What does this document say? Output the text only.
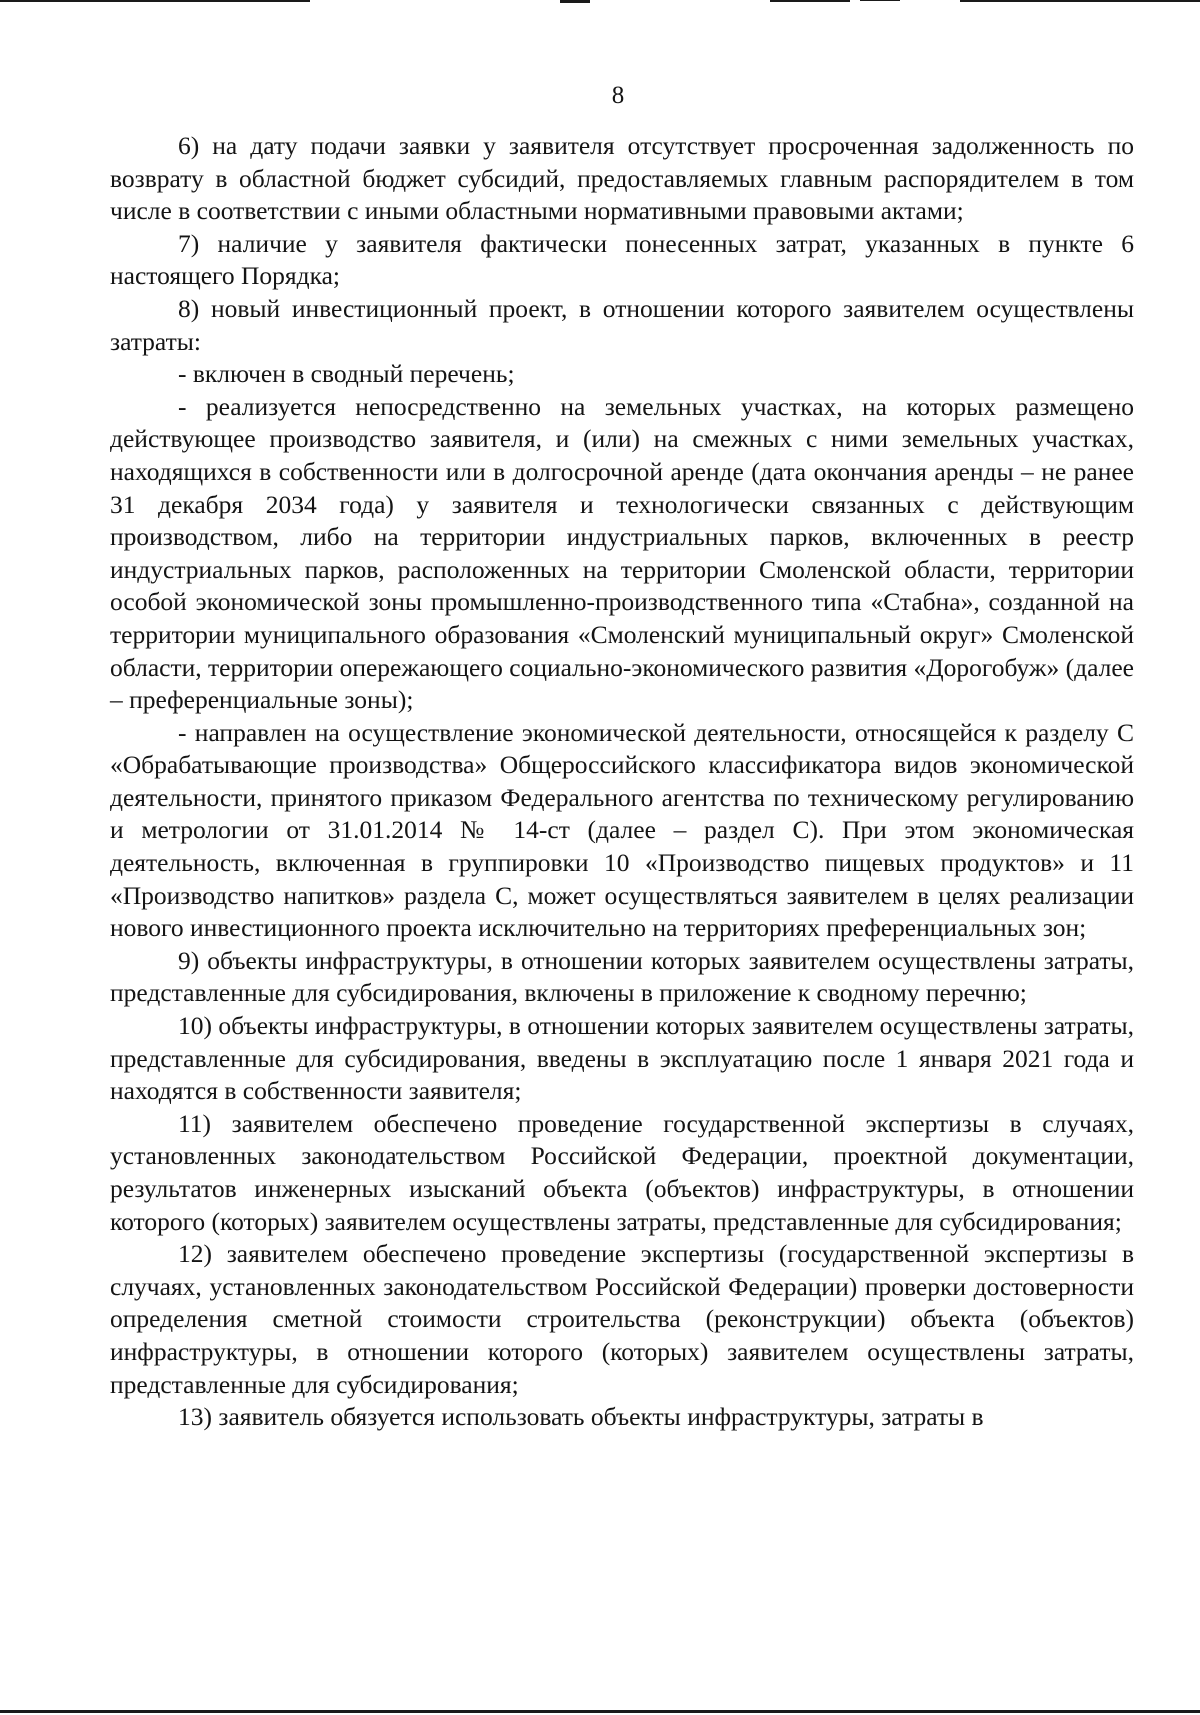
8

6) на дату подачи заявки у заявителя отсутствует просроченная задолженность по возврату в областной бюджет субсидий, предоставляемых главным распорядителем в том числе в соответствии с иными областными нормативными правовыми актами;

7) наличие у заявителя фактически понесенных затрат, указанных в пункте 6 настоящего Порядка;

8) новый инвестиционный проект, в отношении которого заявителем осуществлены затраты:

- включен в сводный перечень;

- реализуется непосредственно на земельных участках, на которых размещено действующее производство заявителя, и (или) на смежных с ними земельных участках, находящихся в собственности или в долгосрочной аренде (дата окончания аренды – не ранее 31 декабря 2034 года) у заявителя и технологически связанных с действующим производством, либо на территории индустриальных парков, включенных в реестр индустриальных парков, расположенных на территории Смоленской области, территории особой экономической зоны промышленно-производственного типа «Стабна», созданной на территории муниципального образования «Смоленский муниципальный округ» Смоленской области, территории опережающего социально-экономического развития «Дорогобуж» (далее – преференциальные зоны);

- направлен на осуществление экономической деятельности, относящейся к разделу С «Обрабатывающие производства» Общероссийского классификатора видов экономической деятельности, принятого приказом Федерального агентства по техническому регулированию и метрологии от 31.01.2014 № 14-ст (далее – раздел С). При этом экономическая деятельность, включенная в группировки 10 «Производство пищевых продуктов» и 11 «Производство напитков» раздела С, может осуществляться заявителем в целях реализации нового инвестиционного проекта исключительно на территориях преференциальных зон;

9) объекты инфраструктуры, в отношении которых заявителем осуществлены затраты, представленные для субсидирования, включены в приложение к сводному перечню;

10) объекты инфраструктуры, в отношении которых заявителем осуществлены затраты, представленные для субсидирования, введены в эксплуатацию после 1 января 2021 года и находятся в собственности заявителя;

11) заявителем обеспечено проведение государственной экспертизы в случаях, установленных законодательством Российской Федерации, проектной документации, результатов инженерных изысканий объекта (объектов) инфраструктуры, в отношении которого (которых) заявителем осуществлены затраты, представленные для субсидирования;

12) заявителем обеспечено проведение экспертизы (государственной экспертизы в случаях, установленных законодательством Российской Федерации) проверки достоверности определения сметной стоимости строительства (реконструкции) объекта (объектов) инфраструктуры, в отношении которого (которых) заявителем осуществлены затраты, представленные для субсидирования;

13) заявитель обязуется использовать объекты инфраструктуры, затраты в
